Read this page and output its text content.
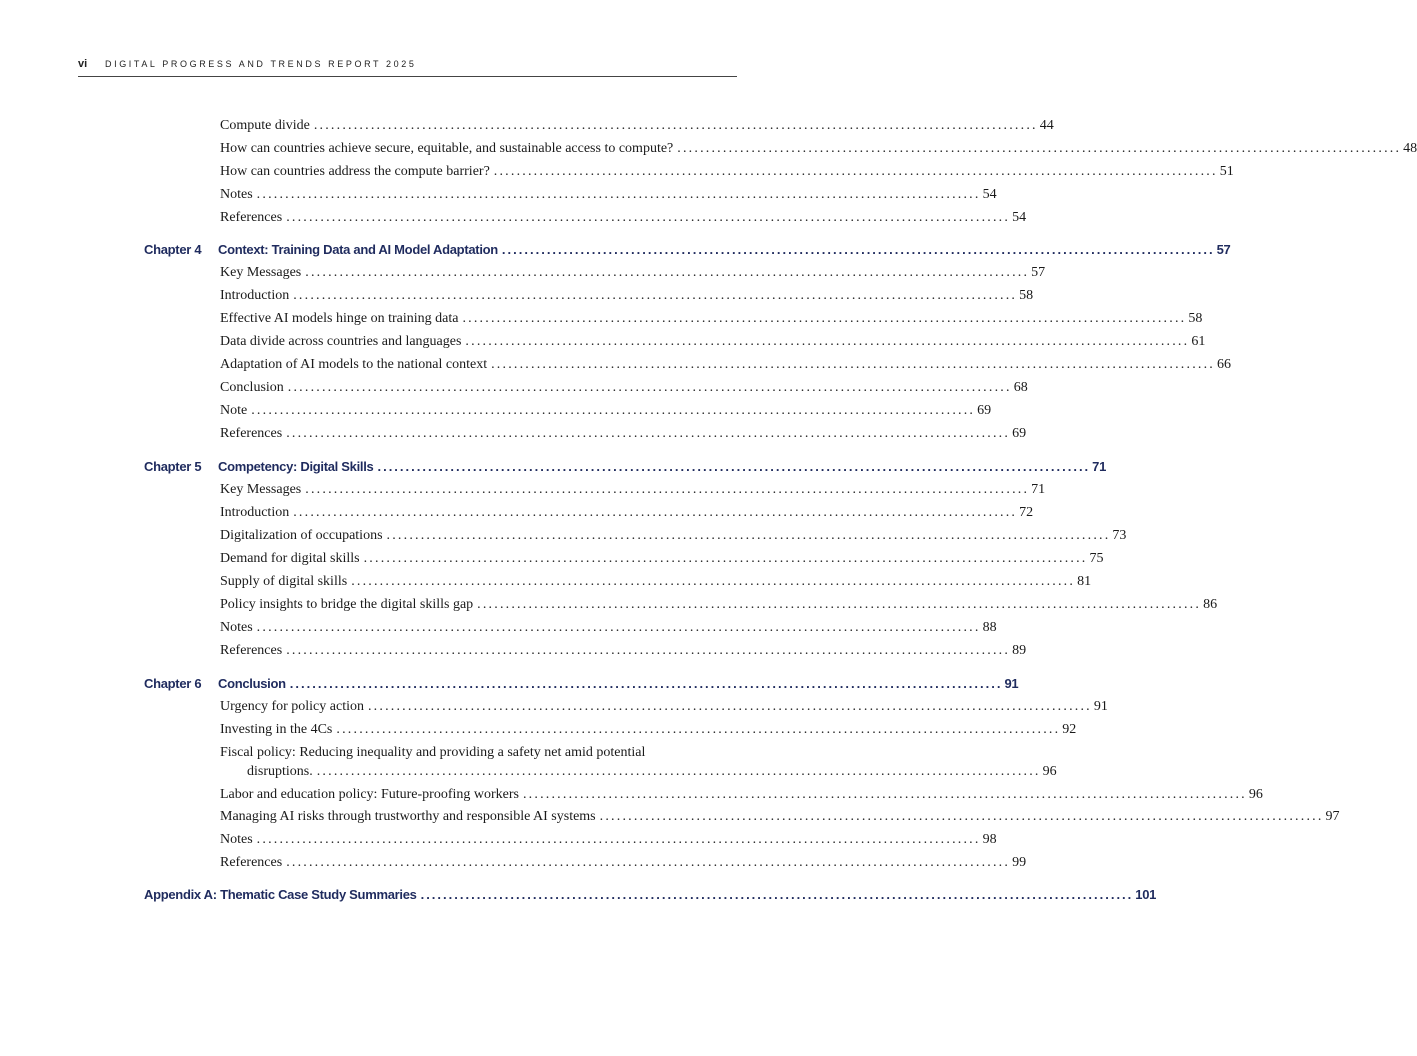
vi DIGITAL PROGRESS AND TRENDS REPORT 2025
Compute divide ............................................................................................................................... 44
How can countries achieve secure, equitable, and sustainable access to compute? ............................................................................................................................... 48
How can countries address the compute barrier? ............................................................................................................................... 51
Notes ............................................................................................................................... 54
References ............................................................................................................................... 54
Chapter 4 Context: Training Data and AI Model Adaptation ............................................................................................................................... 57
Key Messages ............................................................................................................................... 57
Introduction ............................................................................................................................... 58
Effective AI models hinge on training data ............................................................................................................................... 58
Data divide across countries and languages ............................................................................................................................... 61
Adaptation of AI models to the national context ............................................................................................................................... 66
Conclusion ............................................................................................................................... 68
Note ............................................................................................................................... 69
References ............................................................................................................................... 69
Chapter 5 Competency: Digital Skills ............................................................................................................................... 71
Key Messages ............................................................................................................................... 71
Introduction ............................................................................................................................... 72
Digitalization of occupations ............................................................................................................................... 73
Demand for digital skills ............................................................................................................................... 75
Supply of digital skills ............................................................................................................................... 81
Policy insights to bridge the digital skills gap ............................................................................................................................... 86
Notes ............................................................................................................................... 88
References ............................................................................................................................... 89
Chapter 6 Conclusion ............................................................................................................................... 91
Urgency for policy action ............................................................................................................................... 91
Investing in the 4Cs ............................................................................................................................... 92
Fiscal policy: Reducing inequality and providing a safety net amid potential
disruptions. ............................................................................................................................... 96
Labor and education policy: Future-proofing workers ............................................................................................................................... 96
Managing AI risks through trustworthy and responsible AI systems ............................................................................................................................... 97
Notes ............................................................................................................................... 98
References ............................................................................................................................... 99
Appendix A: Thematic Case Study Summaries ............................................................................................................................... 101
